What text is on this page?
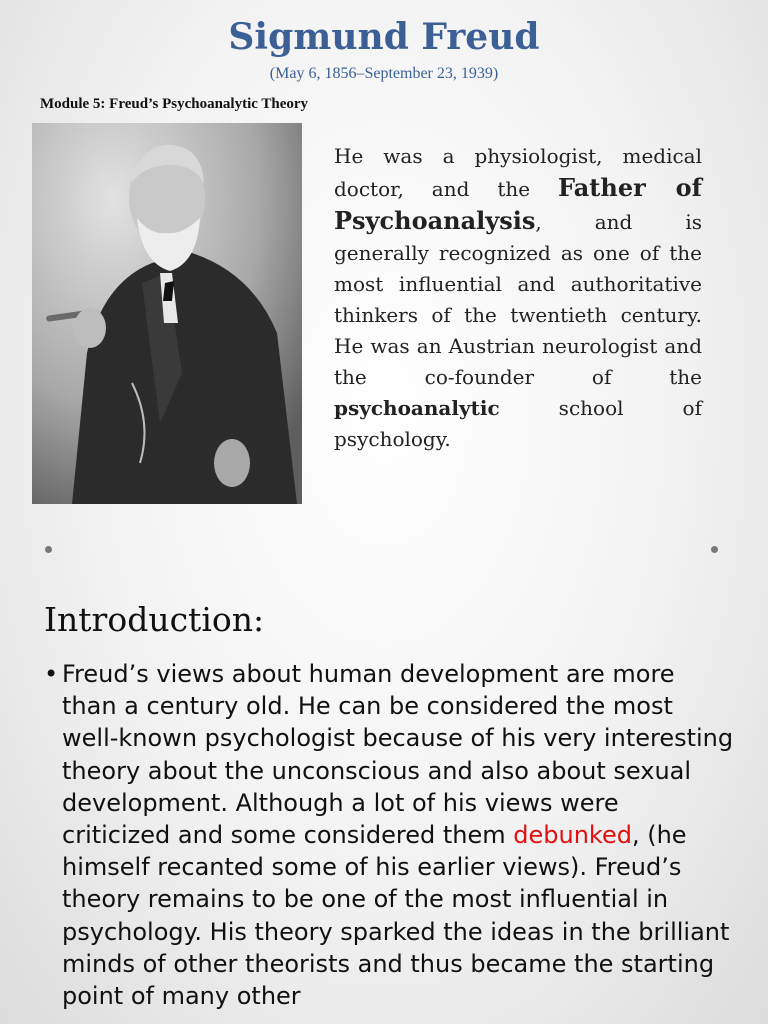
Sigmund Freud
(May 6, 1856–September 23, 1939)
Module 5: Freud’s Psychoanalytic Theory
He was a physiologist, medical doctor, and the Father of Psychoanalysis, and is generally recognized as one of the most influential and authoritative thinkers of the twentieth century. He was an Austrian neurologist and the co-founder of the psychoanalytic school of psychology.
Introduction:
• Freud’s views about human development are more than a century old. He can be considered the most well-known psychologist because of his very interesting theory about the unconscious and also about sexual development. Although a lot of his views were criticized and some considered them debunked, (he himself recanted some of his earlier views). Freud’s theory remains to be one of the most influential in psychology. His theory sparked the ideas in the brilliant minds of other theorists and thus became the starting point of many other
